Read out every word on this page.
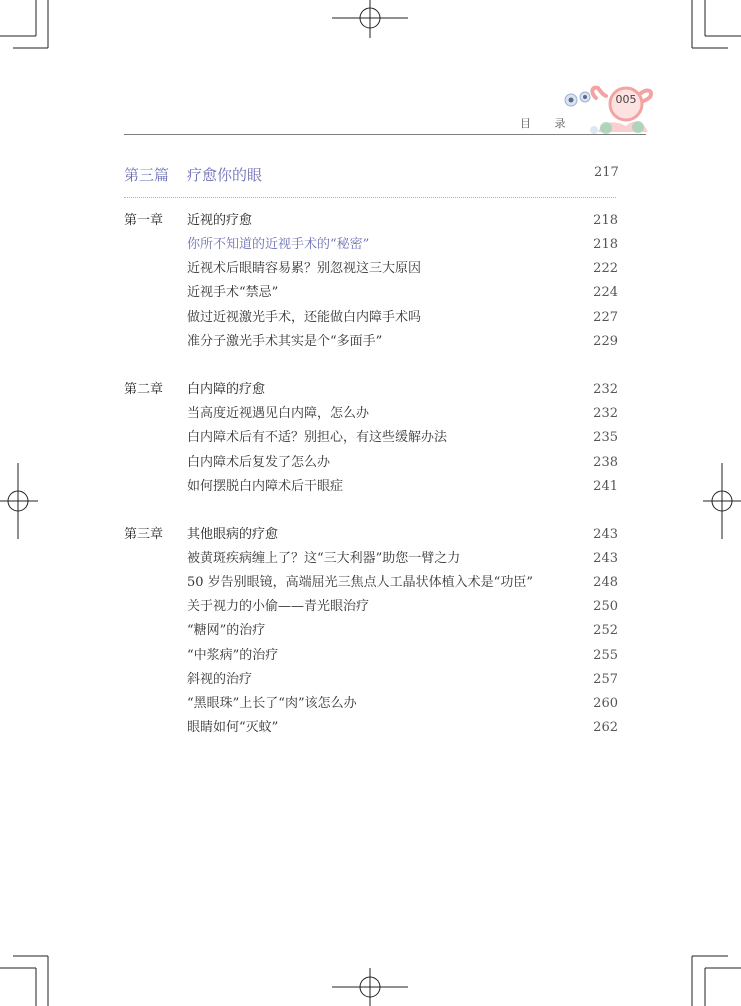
005
目 录
第三篇 疗愈你的眼	217
第一章 近视的疗愈	218
你所不知道的近视手术的“秘密”	218
近视术后眼睛容易累？别忽视这三大原因	222
近视手术“禁忌”	224
做过近视激光手术，还能做白内障手术吗	227
准分子激光手术其实是个“多面手”	229
第二章 白内障的疗愈	232
当高度近视遇见白内障，怎么办	232
白内障术后有不适？别担心，有这些缓解办法	235
白内障术后复发了怎么办	238
如何摆脱白内障术后干眼症	241
第三章 其他眼病的疗愈	243
被黄斑疾病缠上了？这“三大利器”助您一臂之力	243
50 岁告别眼镜，高端屈光三焦点人工晶状体植入术是“功臣”	248
关于视力的小偷——青光眼治疗	250
“糖网”的治疗	252
“中浆病”的治疗	255
斜视的治疗	257
“黑眼珠”上长了“肉”该怎么办	260
眼睛如何“灭蚊”	262
